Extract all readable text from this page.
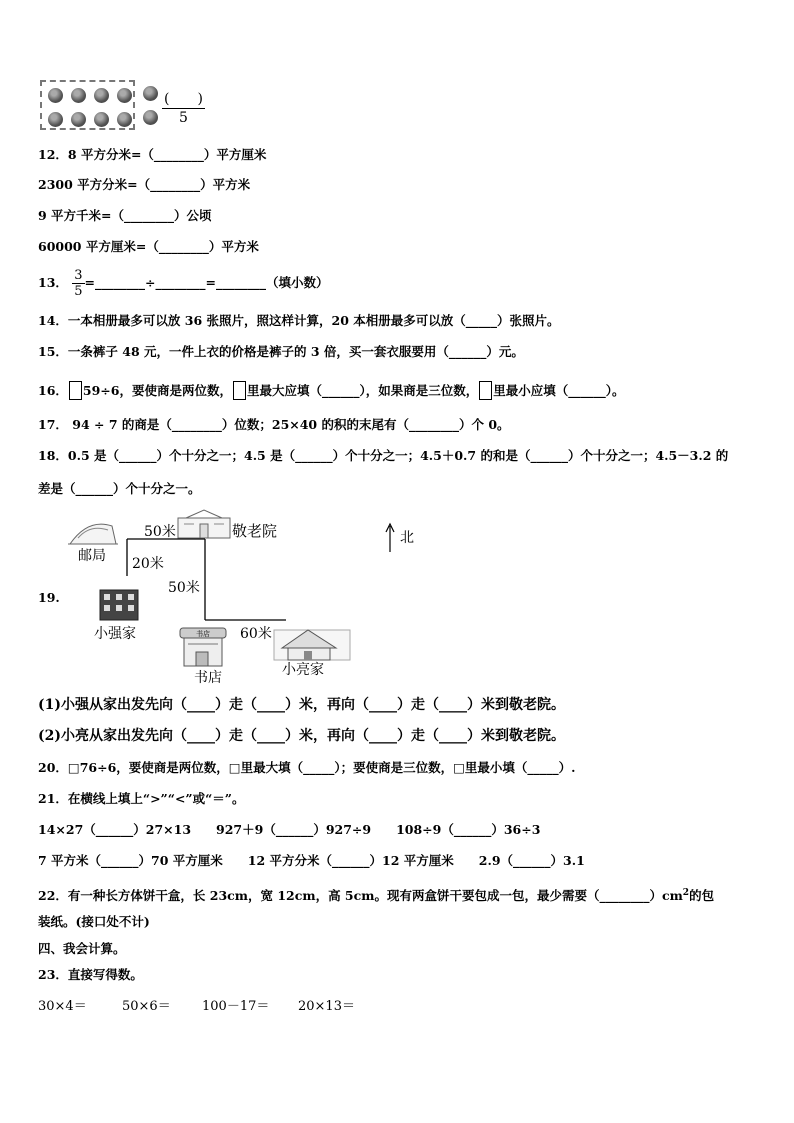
(　　)
5
12．8 平方分米=（________）平方厘米
2300 平方分米=（________）平方米
9 平方千米=（________）公顷
60000 平方厘米=（________）平方米
13． $\frac{3}{5}$ =________÷________=________（填小数）
14．一本相册最多可以放 36 张照片，照这样计算，20 本相册最多可以放（_____）张照片。
15．一条裤子 48 元，一件上衣的价格是裤子的 3 倍，买一套衣服要用（______）元。
16． 59÷6，要使商是两位数， 里最大应填（______），如果商是三位数， 里最小应填（______）。
17． 94 ÷ 7 的商是（________）位数；25×40 的积的末尾有（________）个 0。
18．0.5 是（______）个十分之一；4.5 是（______）个十分之一；4.5＋0.7 的和是（______）个十分之一；4.5－3.2 的
差是（______）个十分之一。
19.
书店
邮局
敬老院
小强家
书店	小亮家
北
50米
20米
50米
60米
(1)小强从家出发先向（____）走（____）米，再向（____）走（____）米到敬老院。
(2)小亮从家出发先向（____）走（____）米，再向（____）走（____）米到敬老院。
20．□76÷6，要使商是两位数，□里最大填（_____）；要使商是三位数，□里最小填（_____）.
21．在横线上填上“>”“<”或“＝”。
14×27（______）27×13　　927＋9（______）927÷9　　108÷9（______）36÷3
7 平方米（______）70 平方厘米　　12 平方分米（______）12 平方厘米　　2.9（______）3.1
22．有一种长方体饼干盒，长 23cm，宽 12cm，高 5cm。现有两盒饼干要包成一包，最少需要$(\_\_\_\_\_\_\_\_)cm^2$的包
装纸。(接口处不计)
四、我会计算。
23．直接写得数。
30×4＝	50×6＝ 100－17＝ 20×13＝
